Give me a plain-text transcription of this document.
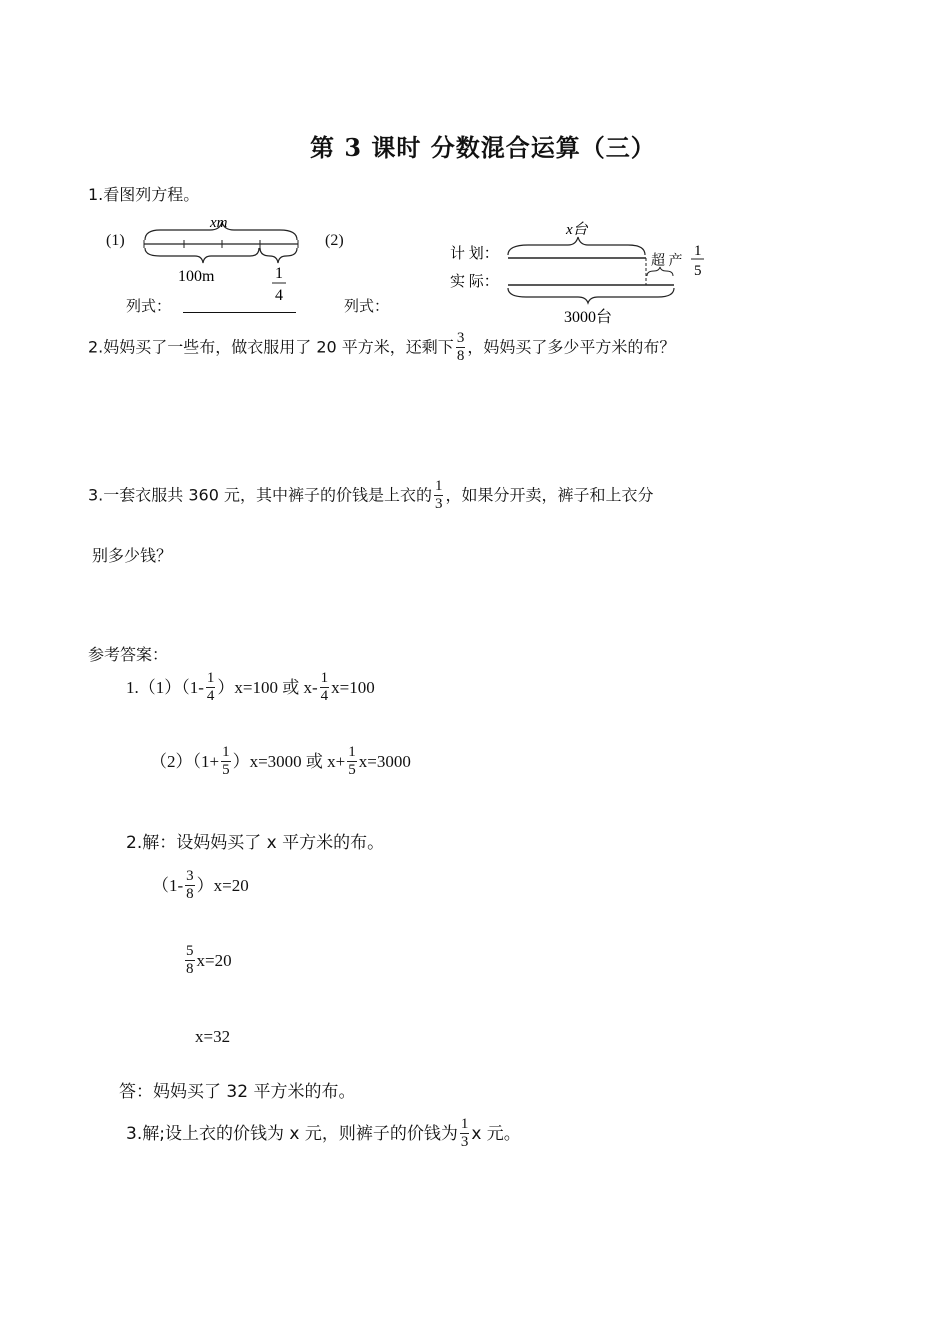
第 3 课时 分数混合运算（三）
1.看图列方程。
(1)	(2)
xm
100m	1
4
列式：	列式：
x台
计 划：
实 际：
超 产
1
5
3000台
2.妈妈买了一些布，做衣服用了 20 平方米，还剩下 $\frac{3}{8}$ ，妈妈买了多少平方米的布？
3.一套衣服共 360 元，其中裤子的价钱是上衣的 $\frac{1}{3}$ ，如果分开卖，裤子和上衣分
别多少钱？
参考答案：
$1.(1)(1- \frac{1}{4} )x=100$ 或 $x- \frac{1}{4} x=100$
$(2)(1+ \frac{1}{5} )x=3000$ 或 $x+ \frac{1}{5} x=3000$
2.解：设妈妈买了 x 平方米的布。
$(1- \frac{3}{8} )x=20$
$\frac{5}{8} x=20$
x=32
答：妈妈买了 32 平方米的布。
3.解;设上衣的价钱为 x 元，则裤子的价钱为 $\frac{1}{3}$ x 元。
